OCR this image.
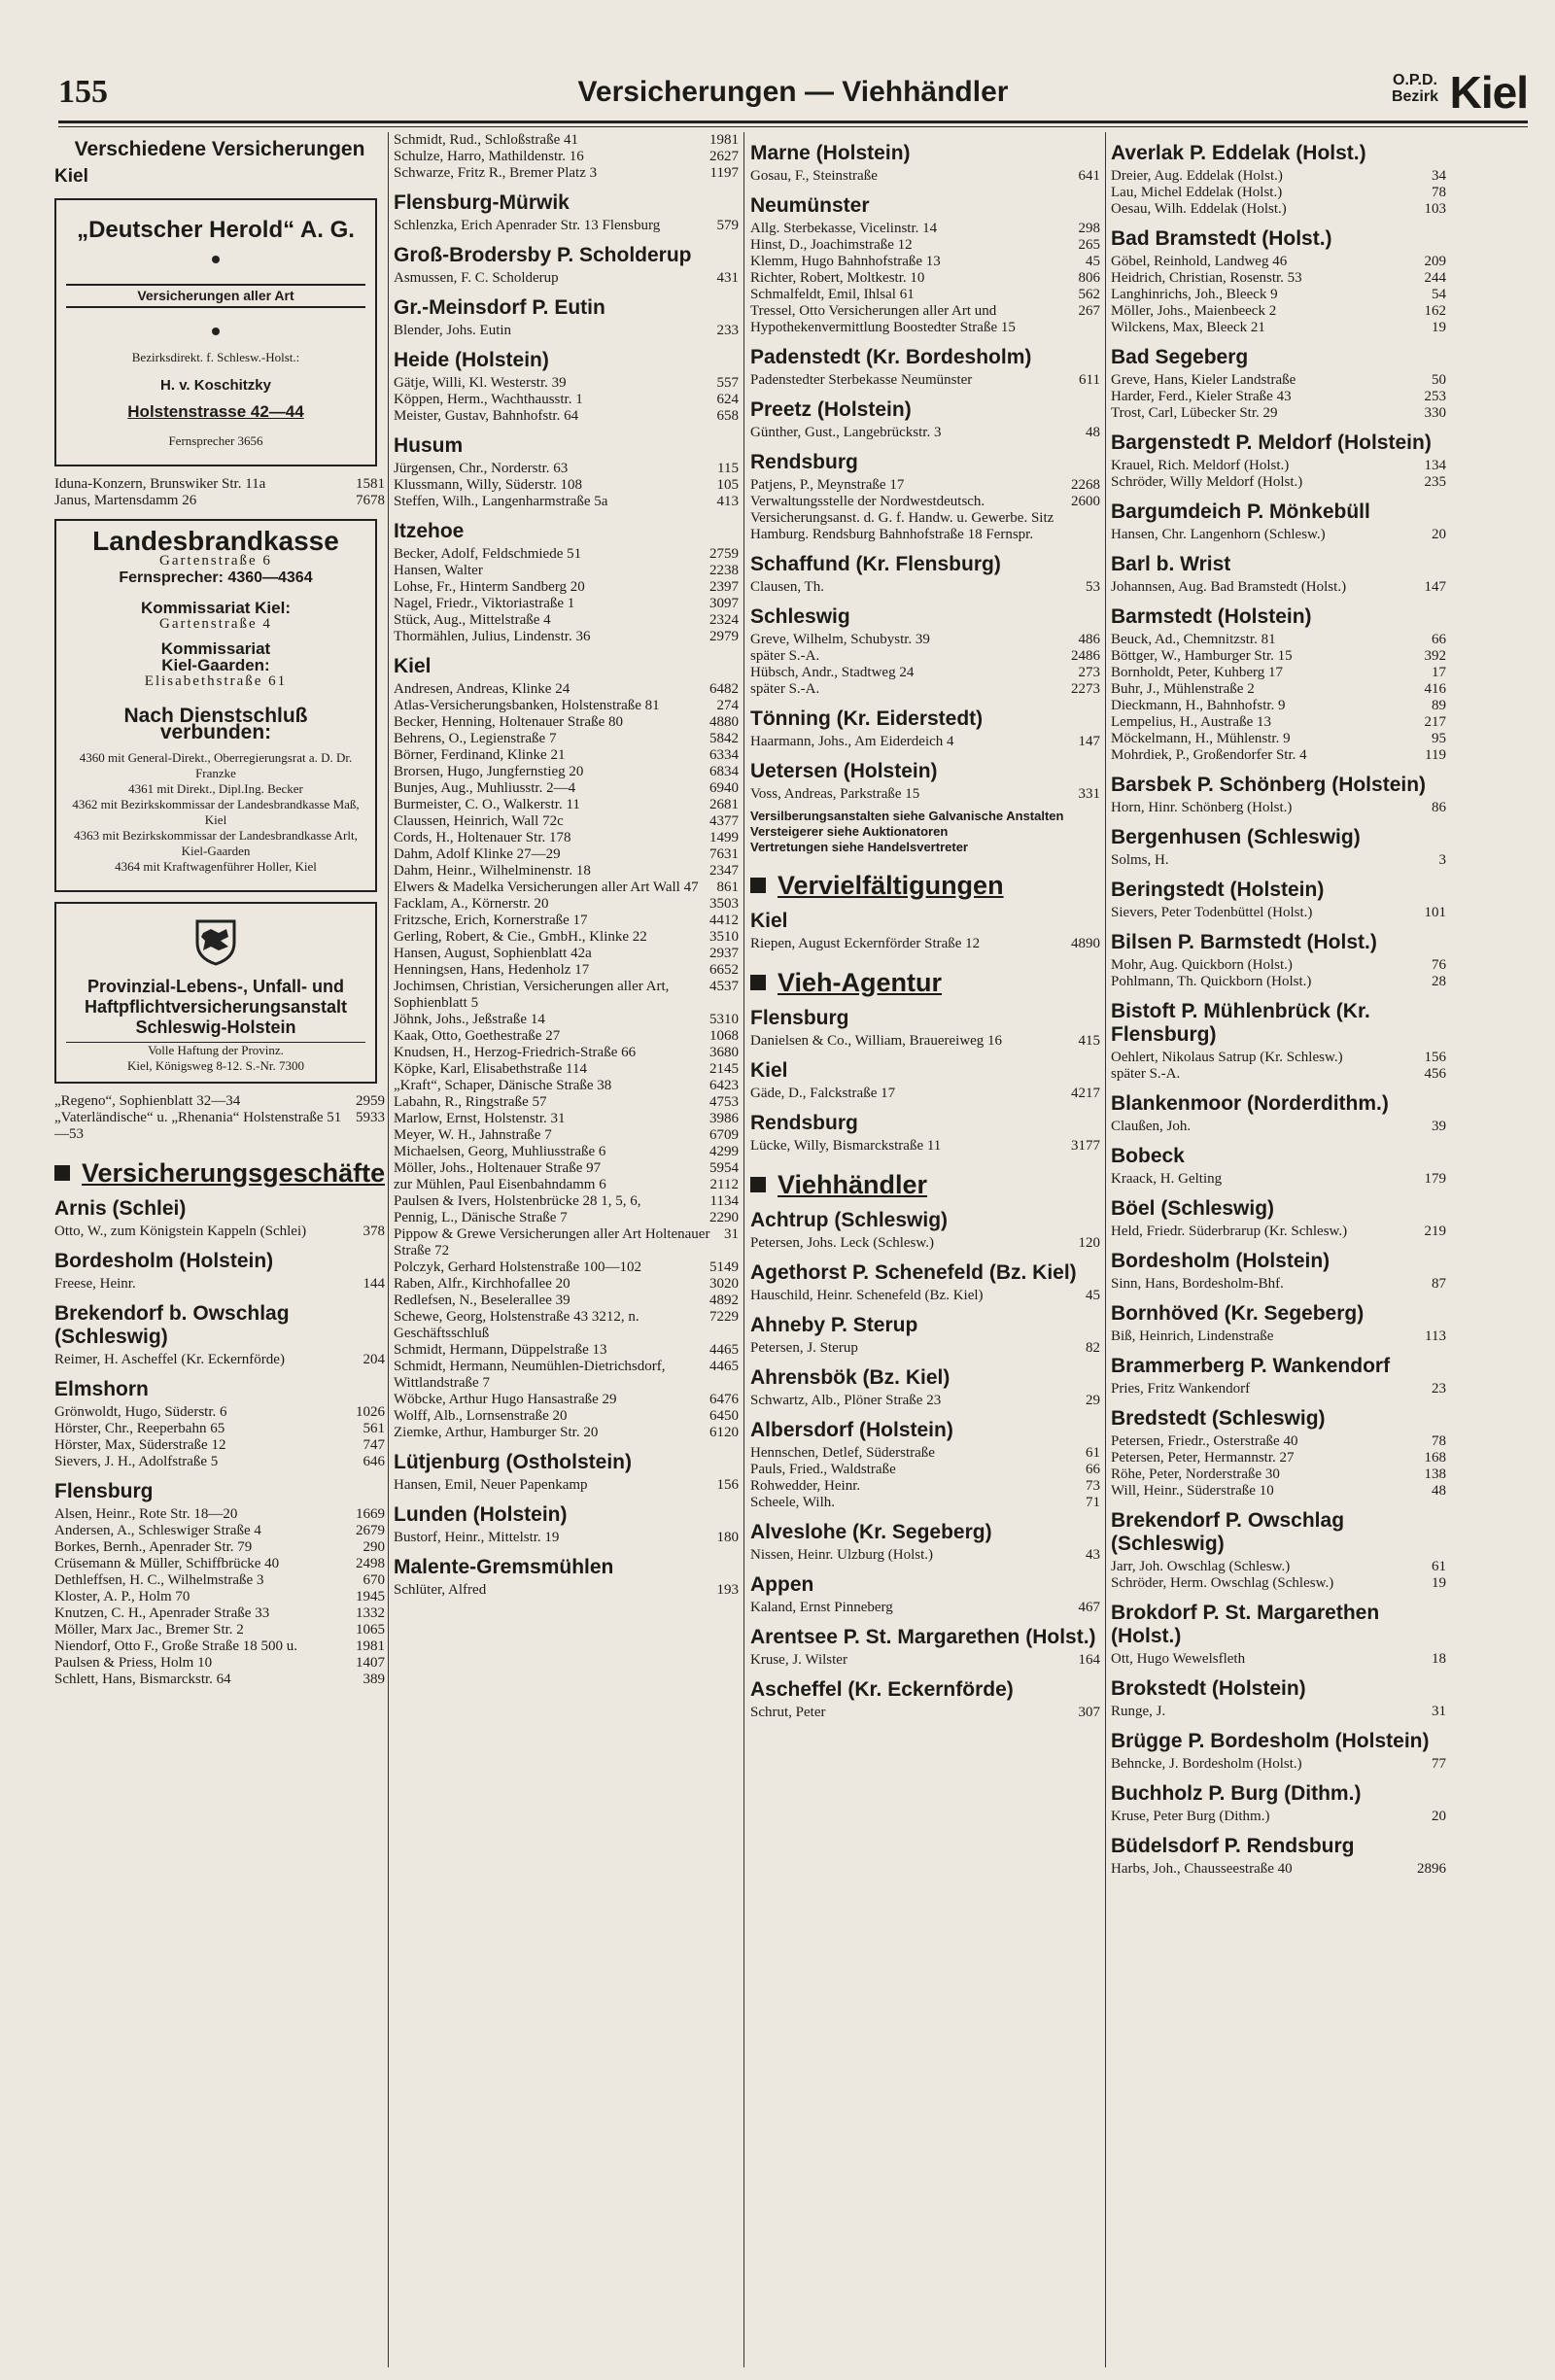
155	Versicherungen — Viehhändler	O.P.D.
Bezirk Kiel
Verschiedene Versicherungen
Kiel
„Deutscher Herold“ A. G.
Versicherungen aller Art
Bezirksdirekt. f. Schlesw.-Holst.:
H. v. Koschitzky
Holstenstrasse 42—44
Fernsprecher 3656
Iduna-Konzern, Brunswiker Str. 11a	1581
Janus, Martensdamm 26	7678
Landesbrandkasse
Gartenstraße 6
Fernsprecher: 4360—4364
Kommissariat Kiel:
Gartenstraße 4
Kommissariat
Kiel-Gaarden:
Elisabethstraße 61
Nach Dienstschluß verbunden:
4360 mit General-Direkt., Oberregierungsrat a. D. Dr. Franzke
4361 mit Direkt., Dipl.Ing. Becker
4362 mit Bezirkskommissar der Landesbrandkasse Maß, Kiel
4363 mit Bezirkskommissar der Landesbrandkasse Arlt, Kiel-Gaarden
4364 mit Kraftwagenführer Holler, Kiel
Provinzial-Lebens-, Unfall- und Haftpflichtversicherungsanstalt Schleswig-Holstein
Volle Haftung der Provinz.
Kiel, Königsweg 8-12. S.-Nr. 7300
„Regeno“, Sophienblatt 32—34	2959
„Vaterländische“ u. „Rhenania“ Holstenstraße 51—53
5933
Versicherungsgeschäfte
Arnis (Schlei)
Otto, W., zum Königstein Kappeln (Schlei)	378
Bordesholm (Holstein)
Freese, Heinr.	144
Brekendorf b. Owschlag (Schleswig)
Reimer, H. Ascheffel (Kr. Eckernförde)	204
Elmshorn
Grönwoldt, Hugo, Süderstr. 6	1026
Hörster, Chr., Reeperbahn 65	561
Hörster, Max, Süderstraße 12	747
Sievers, J. H., Adolfstraße 5	646
Flensburg
Alsen, Heinr., Rote Str. 18—20	1669
Andersen, A., Schleswiger Straße 4	2679
Borkes, Bernh., Apenrader Str. 79	290
Crüsemann & Müller, Schiffbrücke 40	2498
Dethleffsen, H. C., Wilhelmstraße 3	670
Kloster, A. P., Holm 70	1945
Knutzen, C. H., Apenrader Straße 33	1332
Möller, Marx Jac., Bremer Str. 2	1065
Niendorf, Otto F., Große Straße 18 500 u.	1981
Paulsen & Priess, Holm 10	1407
Schlett, Hans, Bismarckstr. 64	389
Schmidt, Rud., Schloßstraße 41	1981
Schulze, Harro, Mathildenstr. 16	2627
Schwarze, Fritz R., Bremer Platz 3	1197
Flensburg-Mürwik
Schlenzka, Erich Apenrader Str. 13 Flensburg	579
Groß-Brodersby P. Scholderup
Asmussen, F. C. Scholderup	431
Gr.-Meinsdorf P. Eutin
Blender, Johs. Eutin	233
Heide (Holstein)
Gätje, Willi, Kl. Westerstr. 39	557
Köppen, Herm., Wachthausstr. 1	624
Meister, Gustav, Bahnhofstr. 64	658
Husum
Jürgensen, Chr., Norderstr. 63	115
Klussmann, Willy, Süderstr. 108	105
Steffen, Wilh., Langenharmstraße 5a	413
Itzehoe
Becker, Adolf, Feldschmiede 51	2759
Hansen, Walter	2238
Lohse, Fr., Hinterm Sandberg 20	2397
Nagel, Friedr., Viktoriastraße 1	3097
Stück, Aug., Mittelstraße 4	2324
Thormählen, Julius, Lindenstr. 36	2979
Kiel
Andresen, Andreas, Klinke 24	6482
Atlas-Versicherungsbanken, Holstenstraße 81	274
Becker, Henning, Holtenauer Straße 80	4880
Behrens, O., Legienstraße 7	5842
Börner, Ferdinand, Klinke 21	6334
Brorsen, Hugo, Jungfernstieg 20	6834
Bunjes, Aug., Muhliusstr. 2—4	6940
Burmeister, C. O., Walkerstr. 11	2681
Claussen, Heinrich, Wall 72c	4377
Cords, H., Holtenauer Str. 178	1499
Dahm, Adolf Klinke 27—29	7631
Dahm, Heinr., Wilhelminenstr. 18	2347
Elwers & Madelka Versicherungen aller Art Wall 47	861
Facklam, A., Körnerstr. 20	3503
Fritzsche, Erich, Kornerstraße 17	4412
Gerling, Robert, & Cie., GmbH., Klinke 22	3510
Hansen, August, Sophienblatt 42a	2937
Henningsen, Hans, Hedenholz 17	6652
Jochimsen, Christian, Versicherungen aller Art, Sophienblatt 5
4537
Jöhnk, Johs., Jeßstraße 14	5310
Kaak, Otto, Goethestraße 27	1068
Knudsen, H., Herzog-Friedrich-Straße 66	3680
Köpke, Karl, Elisabethstraße 114	2145
„Kraft“, Schaper, Dänische Straße 38	6423
Labahn, R., Ringstraße 57	4753
Marlow, Ernst, Holstenstr. 31	3986
Meyer, W. H., Jahnstraße 7	6709
Michaelsen, Georg, Muhliusstraße 6	4299
Möller, Johs., Holtenauer Straße 97	5954
zur Mühlen, Paul Eisenbahndamm 6	2112
Paulsen & Ivers, Holstenbrücke 28 1, 5, 6,	1134
Pennig, L., Dänische Straße 7	2290
Pippow & Grewe Versicherungen aller Art Holtenauer Straße 72
31
Polczyk, Gerhard Holstenstraße 100—102	5149
Raben, Alfr., Kirchhofallee 20	3020
Redlefsen, N., Beseleralleе 39	4892
Schewe, Georg, Holstenstraße 43 3212, n. Geschäftsschluß
7229
Schmidt, Hermann, Düppelstraße 13	4465
Schmidt, Hermann, Neumühlen-Dietrichsdorf, Wittlandstraße 7
4465
Wöbcke, Arthur Hugo Hansastraße 29	6476
Wolff, Alb., Lornsenstraße 20	6450
Ziemke, Arthur, Hamburger Str. 20	6120
Lütjenburg (Ostholstein)
Hansen, Emil, Neuer Papenkamp	156
Lunden (Holstein)
Bustorf, Heinr., Mittelstr. 19	180
Malente-Gremsmühlen
Schlüter, Alfred	193
Marne (Holstein)
Gosau, F., Steinstraße	641
Neumünster
Allg. Sterbekasse, Vicelinstr. 14	298
Hinst, D., Joachimstraße 12	265
Klemm, Hugo Bahnhofstraße 13	45
Richter, Robert, Moltkestr. 10	806
Schmalfeldt, Emil, Ihlsal 61	562
Tressel, Otto Versicherungen aller Art und Hypothekenvermittlung Boostedter Straße 15
267
Padenstedt (Kr. Bordesholm)
Padenstedter Sterbekasse Neumünster	611
Preetz (Holstein)
Günther, Gust., Langebrückstr. 3	48
Rendsburg
Patjens, P., Meynstraße 17	2268
Verwaltungsstelle der Nordwestdeutsch. Versicherungsanst. d. G. f. Handw. u. Gewerbe. Sitz Hamburg. Rendsburg Bahnhofstraße 18 Fernspr.
2600
Schaffund (Kr. Flensburg)
Clausen, Th.	53
Schleswig
Greve, Wilhelm, Schubystr. 39	486
später S.-A.	2486
Hübsch, Andr., Stadtweg 24	273
später S.-A.	2273
Tönning (Kr. Eiderstedt)
Haarmann, Johs., Am Eiderdeich 4	147
Uetersen (Holstein)
Voss, Andreas, Parkstraße 15	331
Versilberungsanstalten siehe Galvanische Anstalten
Versteigerer siehe Auktionatoren
Vertretungen siehe Handelsvertreter
Vervielfältigungen
Kiel
Riepen, August Eckernförder Straße 12	4890
Vieh-Agentur
Flensburg
Danielsen & Co., William, Brauereiweg 16	415
Kiel
Gäde, D., Falckstraße 17	4217
Rendsburg
Lücke, Willy, Bismarckstraße 11	3177
Viehhändler
Achtrup (Schleswig)
Petersen, Johs. Leck (Schlesw.)	120
Agethorst P. Schenefeld (Bz. Kiel)
Hauschild, Heinr. Schenefeld (Bz. Kiel)	45
Ahneby P. Sterup
Petersen, J. Sterup	82
Ahrensbök (Bz. Kiel)
Schwartz, Alb., Plöner Straße 23	29
Albersdorf (Holstein)
Hennschen, Detlef, Süderstraße	61
Pauls, Fried., Waldstraße	66
Rohwedder, Heinr.	73
Scheele, Wilh.	71
Alveslohe (Kr. Segeberg)
Nissen, Heinr. Ulzburg (Holst.)	43
Appen
Kaland, Ernst Pinneberg	467
Arentsee P. St. Margarethen (Holst.)
Kruse, J. Wilster	164
Ascheffel (Kr. Eckernförde)
Schrut, Peter	307
Averlak P. Eddelak (Holst.)
Dreier, Aug. Eddelak (Holst.)	34
Lau, Michel Eddelak (Holst.)	78
Oesau, Wilh. Eddelak (Holst.)	103
Bad Bramstedt (Holst.)
Göbel, Reinhold, Landweg 46	209
Heidrich, Christian, Rosenstr. 53	244
Langhinrichs, Joh., Bleeck 9	54
Möller, Johs., Maienbeeck 2	162
Wilckens, Max, Bleeck 21	19
Bad Segeberg
Greve, Hans, Kieler Landstraße	50
Harder, Ferd., Kieler Straße 43	253
Trost, Carl, Lübecker Str. 29	330
Bargenstedt P. Meldorf (Holstein)
Krauel, Rich. Meldorf (Holst.)	134
Schröder, Willy Meldorf (Holst.)	235
Bargumdeich P. Mönkebüll
Hansen, Chr. Langenhorn (Schlesw.)	20
Barl b. Wrist
Johannsen, Aug. Bad Bramstedt (Holst.)	147
Barmstedt (Holstein)
Beuck, Ad., Chemnitzstr. 81	66
Böttger, W., Hamburger Str. 15	392
Bornholdt, Peter, Kuhberg 17	17
Buhr, J., Mühlenstraße 2	416
Dieckmann, H., Bahnhofstr. 9	89
Lempelius, H., Austraße 13	217
Möckelmann, H., Mühlenstr. 9	95
Mohrdiek, P., Großendorfer Str. 4	119
Barsbek P. Schönberg (Holstein)
Horn, Hinr. Schönberg (Holst.)	86
Bergenhusen (Schleswig)
Solms, H.	3
Beringstedt (Holstein)
Sievers, Peter Todenbüttel (Holst.)	101
Bilsen P. Barmstedt (Holst.)
Mohr, Aug. Quickborn (Holst.)	76
Pohlmann, Th. Quickborn (Holst.)	28
Bistoft P. Mühlenbrück (Kr. Flensburg)
Oehlert, Nikolaus Satrup (Kr. Schlesw.)	156
später S.-A.	456
Blankenmoor (Norderdithm.)
Claußen, Joh.	39
Bobeck
Kraack, H. Gelting	179
Böel (Schleswig)
Held, Friedr. Süderbrarup (Kr. Schlesw.)	219
Bordesholm (Holstein)
Sinn, Hans, Bordesholm-Bhf.	87
Bornhöved (Kr. Segeberg)
Biß, Heinrich, Lindenstraße	113
Brammerberg P. Wankendorf
Pries, Fritz Wankendorf	23
Bredstedt (Schleswig)
Petersen, Friedr., Osterstraße 40	78
Petersen, Peter, Hermannstr. 27	168
Röhe, Peter, Norderstraße 30	138
Will, Heinr., Süderstraße 10	48
Brekendorf P. Owschlag (Schleswig)
Jarr, Joh. Owschlag (Schlesw.)	61
Schröder, Herm. Owschlag (Schlesw.)	19
Brokdorf P. St. Margarethen (Holst.)
Ott, Hugo Wewelsfleth	18
Brokstedt (Holstein)
Runge, J.	31
Brügge P. Bordesholm (Holstein)
Behncke, J. Bordesholm (Holst.)	77
Buchholz P. Burg (Dithm.)
Kruse, Peter Burg (Dithm.)	20
Büdelsdorf P. Rendsburg
Harbs, Joh., Chausseestraße 40	2896
